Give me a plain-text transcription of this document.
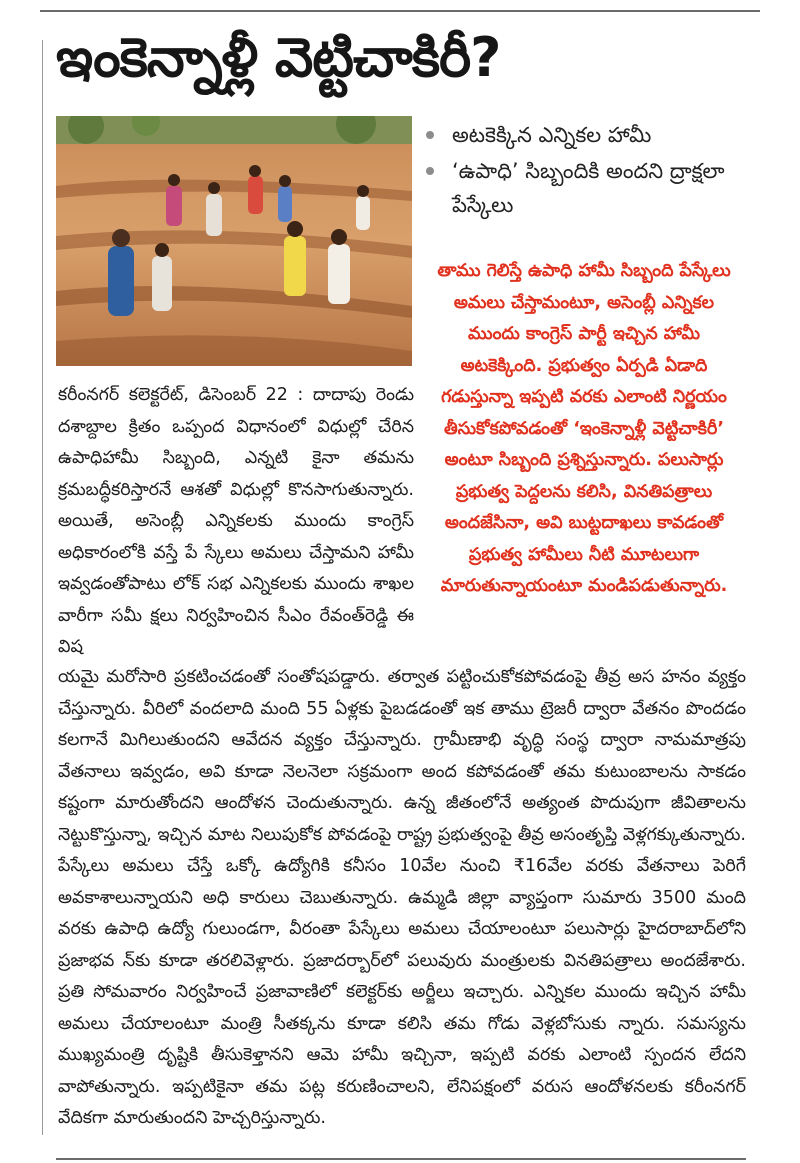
ఇంకెన్నాళ్లీ వెట్టిచాకిరీ?
అటకెక్కిన ఎన్నికల హామీ
‘ఉపాధి’ సిబ్బందికి అందని ద్రాక్షలా పేస్కేలు
తాము గెలిస్తే ఉపాధి హామీ సిబ్బంది పేస్కేలు అమలు చేస్తామంటూ, అసెంబ్లీ ఎన్నికల ముందు కాంగ్రెస్ పార్టీ ఇచ్చిన హామీ అటకెక్కింది. ప్రభుత్వం ఏర్పడి ఏడాది గడుస్తున్నా ఇప్పటి వరకు ఎలాంటి నిర్ణయం తీసుకోకపోవడంతో ‘ఇంకెన్నాళ్లీ వెట్టిచాకిరీ’ అంటూ సిబ్బంది ప్రశ్నిస్తున్నారు. పలుసార్లు ప్రభుత్వ పెద్దలను కలిసి, వినతిపత్రాలు అందజేసినా, అవి బుట్టదాఖలు కావడంతో ప్రభుత్వ హామీలు నీటి మూటలుగా మారుతున్నాయంటూ మండిపడుతున్నారు.
కరీంనగర్ కలెక్టరేట్, డిసెంబర్ 22 : దాదాపు రెండు దశాబ్దాల క్రితం ఒప్పంద విధానంలో విధుల్లో చేరిన ఉపాధిహామీ సిబ్బంది, ఎన్నటి కైనా తమను క్రమబద్ధీకరిస్తారనే ఆశతో విధుల్లో కొనసాగుతున్నారు. అయితే, అసెంబ్లీ ఎన్నికలకు ముందు కాంగ్రెస్ అధికారంలోకి వస్తే పే స్కేలు అమలు చేస్తామని హామీ ఇవ్వడంతోపాటు లోక్ సభ ఎన్నికలకు ముందు శాఖల వారీగా సమీ క్షలు నిర్వహించిన సీఎం రేవంత్‌రెడ్డి ఈ విష
యమై మరోసారి ప్రకటించడంతో సంతోషపడ్డారు. తర్వాత పట్టించుకోకపోవడంపై తీవ్ర అస హనం వ్యక్తం చేస్తున్నారు. వీరిలో వందలాది మంది 55 ఏళ్లకు పైబడడంతో ఇక తాము ట్రెజరీ ద్వారా వేతనం పొందడం కలగానే మిగిలుతుందని ఆవేదన వ్యక్తం చేస్తున్నారు. గ్రామీణాభి వృద్ధి సంస్థ ద్వారా నామమాత్రపు వేతనాలు ఇవ్వడం, అవి కూడా నెలనెలా సక్రమంగా అంద కపోవడంతో తమ కుటుంబాలను సాకడం కష్టంగా మారుతోందని ఆందోళన చెందుతున్నారు. ఉన్న జీతంలోనే అత్యంత పొదుపుగా జీవితాలను నెట్టుకొస్తున్నా, ఇచ్చిన మాట నిలుపుకోక పోవడంపై రాష్ట్ర ప్రభుత్వంపై తీవ్ర అసంతృప్తి వెళ్లగక్కుతున్నారు. పేస్కేలు అమలు చేస్తే ఒక్కో ఉద్యోగికి కనీసం 10వేల నుంచి ₹16వేల వరకు వేతనాలు పెరిగే అవకాశాలున్నాయని అధి కారులు చెబుతున్నారు. ఉమ్మడి జిల్లా వ్యాప్తంగా సుమారు 3500 మంది వరకు ఉపాధి ఉద్యో గులుండగా, వీరంతా పేస్కేలు అమలు చేయాలంటూ పలుసార్లు హైదరాబాద్‌లోని ప్రజాభవ న్‌కు కూడా తరలివెళ్లారు. ప్రజాదర్బార్‌లో పలువురు మంత్రులకు వినతిపత్రాలు అందజేశారు. ప్రతి సోమవారం నిర్వహించే ప్రజావాణిలో కలెక్టర్‌కు అర్జీలు ఇచ్చారు. ఎన్నికల ముందు ఇచ్చిన హామీ అమలు చేయాలంటూ మంత్రి సీతక్కను కూడా కలిసి తమ గోడు వెళ్లబోసుకు న్నారు. సమస్యను ముఖ్యమంత్రి దృష్టికి తీసుకెళ్తానని ఆమె హామీ ఇచ్చినా, ఇప్పటి వరకు ఎలాంటి స్పందన లేదని వాపోతున్నారు. ఇప్పటికైనా తమ పట్ల కరుణించాలని, లేనిపక్షంలో వరుస ఆందోళనలకు కరీంనగర్ వేదికగా మారుతుందని హెచ్చరిస్తున్నారు.
